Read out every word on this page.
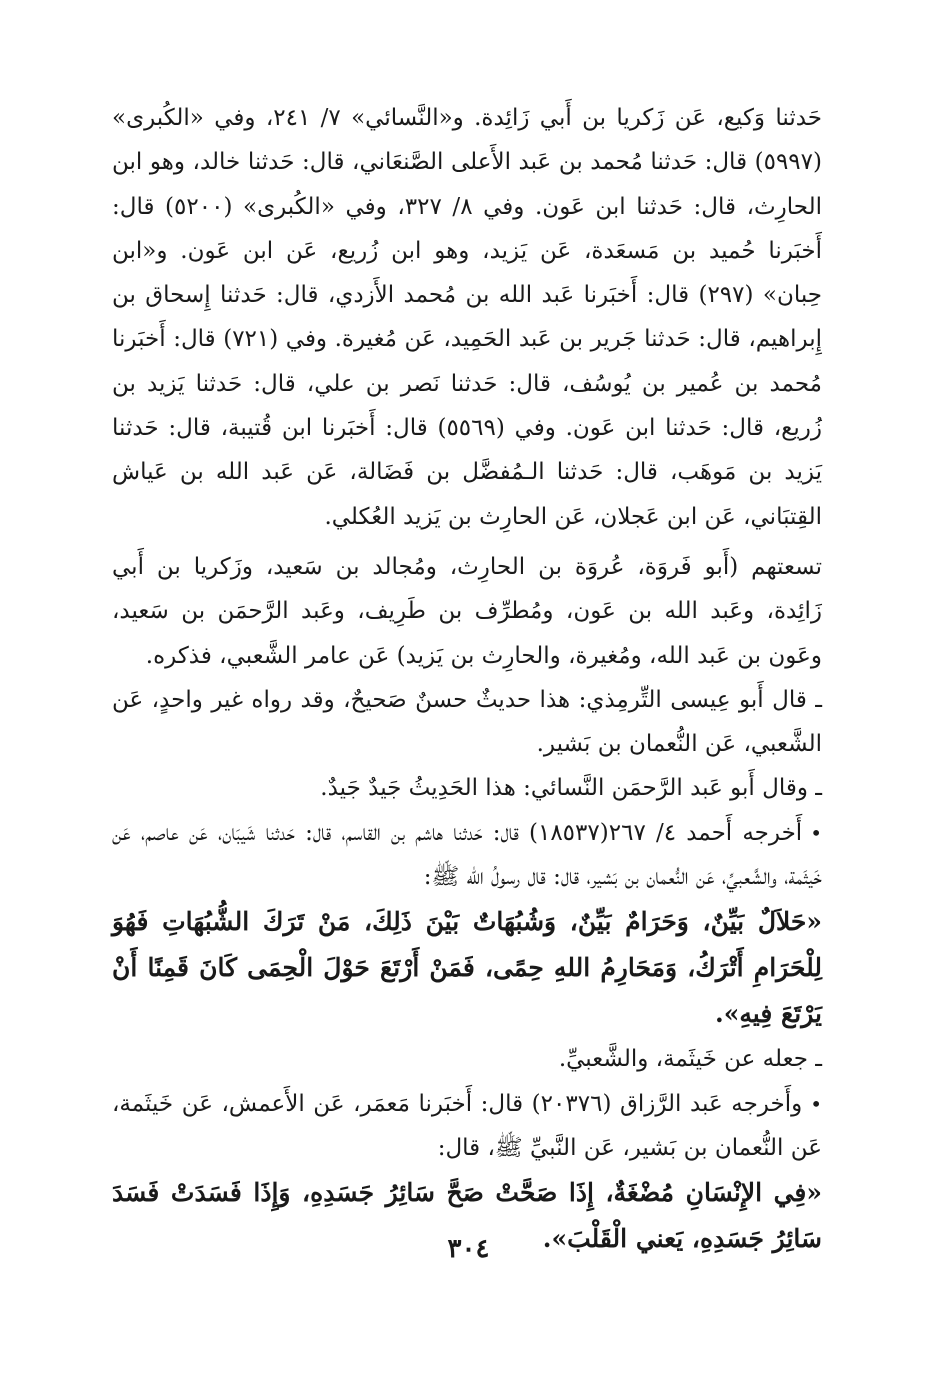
حَدثنا وَكيع، عَن زَكريا بن أَبي زَائِدة. و«النَّسائي» ٧/ ٢٤١، وفي «الكُبرى» (٥٩٩٧) قال: حَدثنا مُحمد بن عَبد الأَعلى الصَّنعَاني، قال: حَدثنا خالد، وهو ابن الحارِث، قال: حَدثنا ابن عَون. وفي ٨/ ٣٢٧، وفي «الكُبرى» (٥٢٠٠) قال: أَخبَرنا حُميد بن مَسعَدة، عَن يَزيد، وهو ابن زُريع، عَن ابن عَون. و«ابن حِبان» (٢٩٧) قال: أَخبَرنا عَبد الله بن مُحمد الأَزدي، قال: حَدثنا إِسحاق بن إِبراهيم، قال: حَدثنا جَرير بن عَبد الحَمِيد، عَن مُغيرة. وفي (٧٢١) قال: أَخبَرنا مُحمد بن عُمير بن يُوسُف، قال: حَدثنا نَصر بن علي، قال: حَدثنا يَزيد بن زُريع، قال: حَدثنا ابن عَون. وفي (٥٥٦٩) قال: أَخبَرنا ابن قُتيبة، قال: حَدثنا يَزيد بن مَوهَب، قال: حَدثنا الـمُفضَّل بن فَضَالة، عَن عَبد الله بن عَياش القِتبَاني، عَن ابن عَجلان، عَن الحارِث بن يَزيد العُكلي.

تسعتهم (أَبو فَروَة، عُروَة بن الحارِث، ومُجالد بن سَعيد، وزَكريا بن أَبي زَائِدة، وعَبد الله بن عَون، ومُطرِّف بن طَرِيف، وعَبد الرَّحمَن بن سَعيد، وعَون بن عَبد الله، ومُغيرة، والحارِث بن يَزيد) عَن عامر الشَّعبي، فذكره.

ـ قال أَبو عِيسى التِّرمِذي: هذا حديثٌ حسنٌ صَحيحٌ، وقد رواه غير واحدٍ، عَن الشَّعبي، عَن النُّعمان بن بَشير.

ـ وقال أَبو عَبد الرَّحمَن النَّسائي: هذا الحَدِيثُ جَيدٌ جَيدٌ.

•أَخرجه أَحمد ٤/ ٢٦٧(١٨٥٣٧) قال: حَدثنا هاشم بن القاسم، قال: حَدثنا شَيبَان، عَن عاصم، عَن خَيثَمة، والشَّعبيِّ، عَن النُّعمان بن بَشير، قال: قال رسولُ الله ﷺ:

«حَلاَلٌ بَيِّنٌ، وَحَرَامٌ بَيِّنٌ، وَشُبُهَاتٌ بَيْنَ ذَلِكَ، مَنْ تَرَكَ الشُّبُهَاتِ فَهُوَ لِلْحَرَامِ أَتْرَكُ، وَمَحَارِمُ اللهِ حِمًى، فَمَنْ أَرْتَعَ حَوْلَ الْحِمَى كَانَ قَمِنًا أَنْ يَرْتَعَ فِيهِ».

ـ جعله عن خَيثَمة، والشَّعبيِّ.

•وأَخرجه عَبد الرَّزاق (٢٠٣٧٦) قال: أَخبَرنا مَعمَر، عَن الأَعمش، عَن خَيثَمة، عَن النُّعمان بن بَشير، عَن النَّبيِّ ﷺ، قال:

«فِي الإِنْسَانِ مُضْغَةٌ، إِذَا صَحَّتْ صَحَّ سَائِرُ جَسَدِهِ، وَإِذَا فَسَدَتْ فَسَدَ سَائِرُ جَسَدِهِ، يَعني الْقَلْبَ».

٣٠٤
